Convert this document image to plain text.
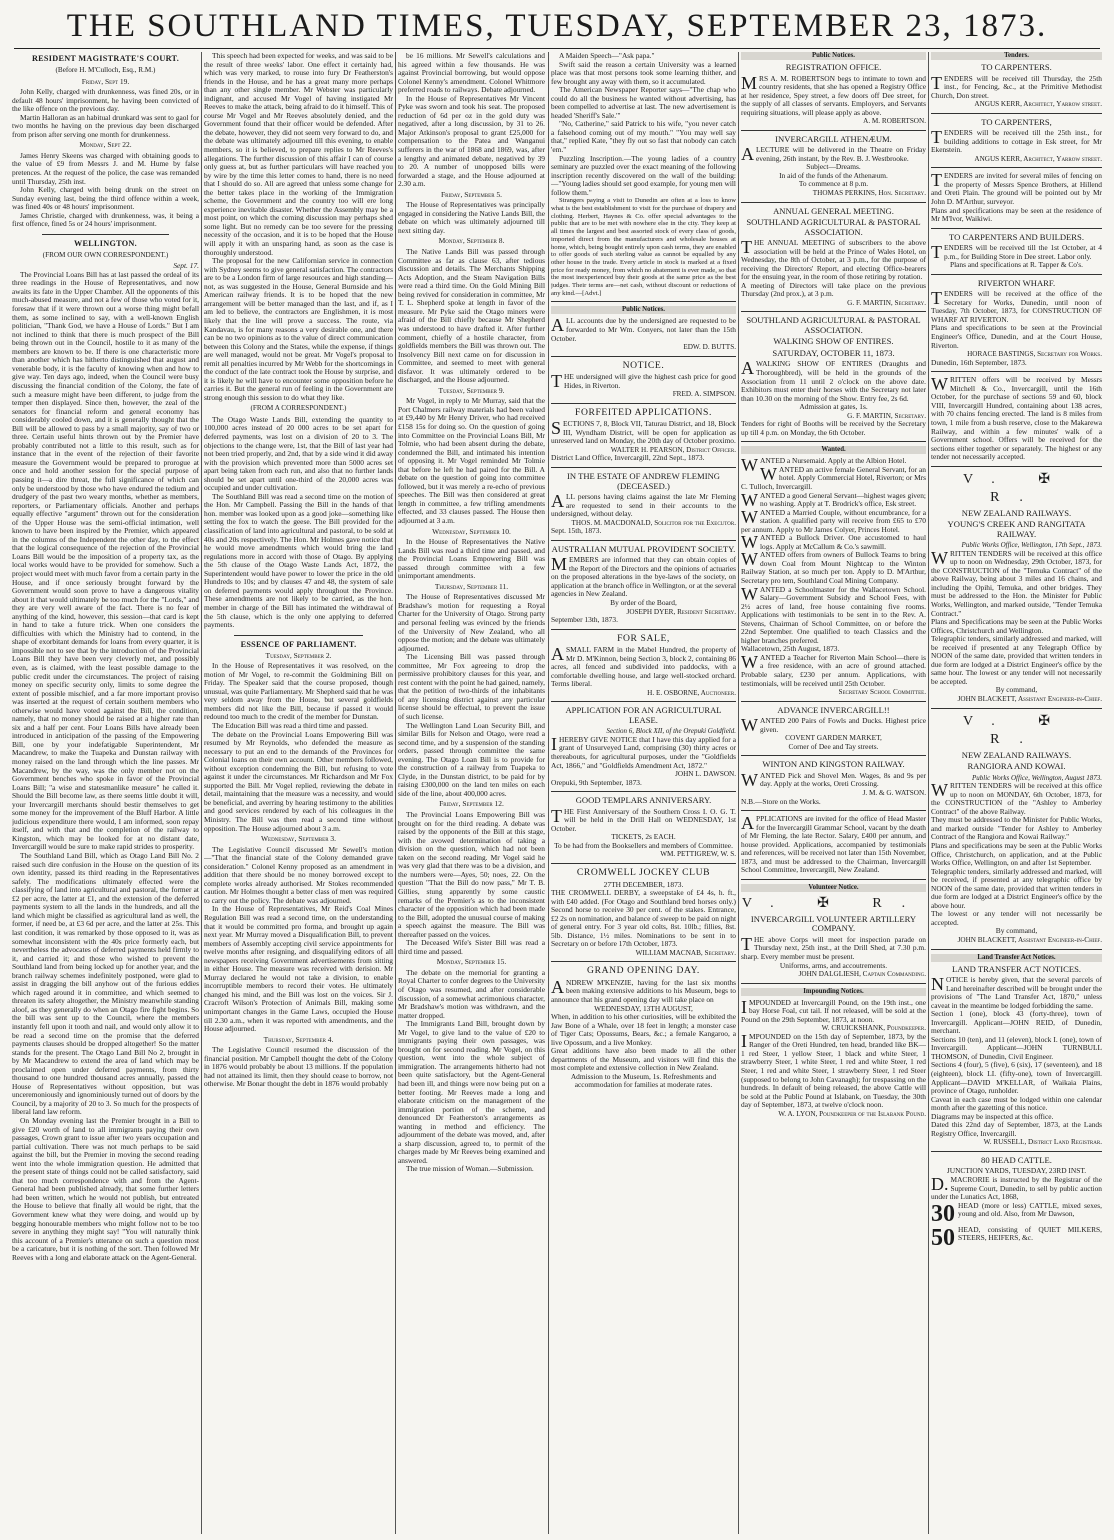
THE SOUTHLAND TIMES, TUESDAY, SEPTEMBER 23, 1873.
RESIDENT MAGISTRATE'S COURT.
(Before H. M'Culloch, Esq., R.M.)
Friday, Sept 19.

John Kelly, charged with drunkenness, was fined 20s, or in default 48 hours' imprisonment, he having been convicted of the like offence on the previous day.

Martin Halloran as an habitual drunkard was sent to gaol for two months he having on the previous day been discharged from prison after serving one month for drunkenness.

Monday, Sept 22.

James Henry Skeens was charged with obtaining goods to the value of £9 from Messrs J. and M. Hume by false pretences. At the request of the police, the case was remanded until Thursday, 25th inst.

John Kelly, charged with being drunk on the street on Sunday evening last, being the third offence within a week, was fined 40s or 48 hours' imprisonment.

James Christie, charged with drunkenness, was, it being a first offence, fined 5s or 24 hours' imprisonment.

WELLINGTON.
(FROM OUR OWN CORRESPONDENT.)
Sept. 17.

The Provincial Loans Bill has at last passed the ordeal of its three readings in the House of Representatives, and now awaits its fate in the Upper Chamber. All the opponents of this much-abused measure, and not a few of those who voted for it, foresaw that if it were thrown out a worse thing might befall them, as some inclined to say, with a well-known English politician, "Thank God, we have a House of Lords." But I am not inclined to think that there is much prospect of the Bill being thrown out in the Council, hostile to it as many of the members are known to be. If there is one characteristic more than another which has hitherto distinguished that august and venerable body, it is the faculty of knowing when and how to give way. Ten days ago, indeed, when the Council were busy discussing the financial condition of the Colony, the fate of such a measure might have been different, to judge from the temper then displayed. Since then, however, the zeal of the senators for financial reform and general economy has considerably cooled down, and it is generally thought that the Bill will be allowed to pass by a small majority, say of two or three. Certain useful hints thrown out by the Premier have probably contributed not a little to this result, such as for instance that in the event of the rejection of their favorite measure the Government would be prepared to prorogue at once and hold another session for the special purpose of passing it—a dire threat, the full significance of which can only be understood by those who have endured the tedium and drudgery of the past two weary months, whether as members, reporters, or Parliamentary officials. Another and perhaps equally effective "argument" thrown out for the consideration of the Upper House was the semi-official intimation, well known to have been inspired by the Premier, which appeared in the columns of the Independent the other day, to the effect that the logical consequence of the rejection of the Provincial Loans Bill would be the imposition of a property tax, as the local works would have to be provided for somehow. Such a project would meet with much favor from a certain party in the House, and if once seriously brought forward by the Government would soon prove to have a dangerous vitality about it that would ultimately be too much for the "Lords," and they are very well aware of the fact. There is no fear of anything of the kind, however, this session—that card is kept in hand to take a future trick. When one considers the difficulties with which the Ministry had to contend, in the shape of exorbitant demands for loans from every quarter, it is impossible not to see that by the introduction of the Provincial Loans Bill they have been very cleverly met, and possibly even, as is claimed, with the least possible damage to the public credit under the circumstances. The project of raising money on specific security only, limits to some degree the extent of possible mischief, and a far more important proviso was inserted at the request of certain southern members who otherwise would have voted against the Bill, the condition, namely, that no money should be raised at a higher rate than six and a half per cent. Four Loans Bills have already been introduced in anticipation of the passing of the Empowering Bill, one by your indefatigable Superintendent, Mr Macandrew, to make the Tuapeka and Dunstan railway with money raised on the land through which the line passes. Mr Macandrew, by the way, was the only member not on the Government benches who spoke in favor of the Provincial Loans Bill; "a wise and statesmanlike measure" he called it. Should the Bill become law, as there seems little doubt it will, your Invercargill merchants should bestir themselves to get some money for the improvement of the Bluff Harbor. A little judicious expenditure there would, I am informed, soon repay itself, and with that and the completion of the railway to Kingston, which may be looked for at no distant date, Invercargill would be sure to make rapid strides to prosperity.

The Southland Land Bill, which as Otago Land Bill No. 2 raised such dire confusion in the House on the question of its own identity, passed its third reading in the Representatives safely. The modifications ultimately effected were the classifying of land into agricultural and pastoral, the former at £2 per acre, the latter at £1, and the extension of the deferred payments system to all the lands in the hundreds, and all the land which might be classified as agricultural land as well, the former, if need be, at £3 6d per acre, and the latter at 25s. This last condition, it was remarked by those opposed to it, was as somewhat inconsistent with the 40s price formerly each, but nevertheless the advocates of deferred payments held firmly to it, and carried it; and those who wished to prevent the Southland land from being locked up for another year, and the branch railway schemes indefinitely postponed, were glad to assist in dragging the bill anyhow out of the furious eddies which raged around it in committee, and which seemed to threaten its safety altogether, the Ministry meanwhile standing aloof, as they generally do when an Otago fire fight begins. So the bill was sent up to the Council, where the members instantly fell upon it tooth and nail, and would only allow it to be read a second time on the promise that the deferred payments clauses should be dropped altogether! So the matter stands for the present. The Otago Land Bill No 2, brought in by Mr Macandrew to extend the area of land which may be proclaimed open under deferred payments, from thirty thousand to one hundred thousand acres annually, passed the House of Representatives without opposition, but was unceremoniously and ignominiously turned out of doors by the Council, by a majority of 20 to 3. So much for the prospects of liberal land law reform.

On Monday evening last the Premier brought in a Bill to give £20 worth of land to all immigrants paying their own passages, Crown grant to issue after two years occupation and partial cultivation. There was not much perhaps to be said against the bill, but the Premier in moving the second reading went into the whole immigration question. He admitted that the present state of things could not be called satisfactory, said that too much correspondence with and from the Agent-General had been published already, that some further letters had been written, which he would not publish, but entreated the House to believe that finally all would be right, that the Government knew what they were doing, and would up by begging honourable members who might follow not to be too severe in anything they might say! "You will naturally think this account of a Premier's utterance on such a question most be a caricature, but it is nothing of the sort. Then followed Mr Reeves with a long and elaborate attack on the Agent-General.

This speech had been expected for weeks, and was said to be the result of three weeks' labor. One effect it certainly had, which was very marked, to rouse into fury Dr Featherston's friends in the House, and he has a great many more perhaps than any other single member. Mr Webster was particularly indignant, and accused Mr Vogel of having instigated Mr Reeves to make the attack, being afraid to do it himself. This of course Mr Vogel and Mr Reeves absolutely denied, and the Government found that their officer would be defended. After the debate, however, they did not seem very forward to do, and the debate was ultimately adjourned till this evening, to enable members, so it is believed, to prepare replies to Mr Reeves's allegations. The further discussion of this affair I can of course only guess at, but as further particulars will have reached you by wire by the time this letter comes to hand, there is no need that I should do so. All are agreed that unless some change for the better takes place in the working of the Immigration scheme, the Government and the country too will ere long experience inevitable disaster. Whether the Assembly may be a most point, on which the coming discussion may perhaps shed some light. But no remedy can be too severe for the pressing necessity of the occasion, and it is to be hoped that the House will apply it with an unsparing hand, as soon as the case is thoroughly understood.

The proposal for the new Californian service in connection with Sydney seems to give general satisfaction. The contractors are to be a London firm of large resources and high standing—not, as was suggested in the House, General Burnside and his American railway friends. It is to be hoped that the new arrangement will be better managed than the last, and if, as I am led to believe, the contractors are Englishmen, it is most likely that the line will prove a success. The route, via Kandavau, is for many reasons a very desirable one, and there can be no two opinions as to the value of direct communication between this Colony and the States, while the expense, if things are well managed, would not be great. Mr Vogel's proposal to remit all penalties incurred by Mr Webb for the shortcomings in the conduct of the late contract took the House by surprise, and it is likely he will have to encounter some opposition before he carries it. But the general run of feeling in the Government are strong enough this session to do what they like.

(FROM A CORRESPONDENT.)

The Otago Waste Lands Bill, extending the quantity to 100,000 acres instead of 20 000 acres to be set apart for deferred payments, was lost on a division of 20 to 3. The objections to the change were, 1st, that the Bill of last year had not been tried properly, and 2nd, that by a side wind it did away with the provision which prevented more than 5000 acres set apart being taken from each run, and also that no further lands should be set apart until one-third of the 20,000 acres was occupied and under cultivation.

The Southland Bill was read a second time on the motion of the Hon. Mr Campbell. Passing the Bill in the hands of that hon. member was looked upon as a good joke—something like setting the fox to watch the geese. The Bill provided for the classification of land into agricultural and pastoral, to be sold at 40s and 20s respectively. The Hon. Mr Holmes gave notice that he would move amendments which would bring the land regulations more in accord with those of Otago. By applying the 5th clause of the Otago Waste Lands Act, 1872, the Superintendent would have power to lower the price in the old Hundreds to 10s; and by clauses 47 and 48, the system of sale on deferred payments would apply throughout the Province. These amendments are not likely to be carried, as the hon. member in charge of the Bill has intimated the withdrawal of the 5th clause, which is the only one applying to deferred payments.

ESSENCE OF PARLIAMENT.
Tuesday, September 2.

In the House of Representatives it was resolved, on the motion of Mr Vogel, to re-commit the Goldmining Bill on Friday. The Speaker said that the course proposed, though unusual, was quite Parliamentary. Mr Shepherd said that he was very seldom away from the House, but several goldfields members did not like the Bill, because if passed it would redound too much to the credit of the member for Dunstan.

The Education Bill was read a third time and passed.

The debate on the Provincial Loans Empowering Bill was resumed by Mr Reynolds, who defended the measure as necessary to put an end to the demands of the Provinces for Colonial loans on their own account. Other members followed, without exception condemning the Bill, but refusing to vote against it under the circumstances. Mr Richardson and Mr Fox supported the Bill. Mr Vogel replied, reviewing the debate in detail, maintaining that the measure was a necessity, and would be beneficial, and averring by hearing testimony to the abilities and good services rendered by each of his colleagues in the Ministry. The Bill was then read a second time without opposition. The House adjourned about 3 a.m.

Wednesday, September 3.

The Legislative Council discussed Mr Sewell's motion—"That the financial state of the Colony demanded grave consideration." Colonel Kenny proposed as an amendment in addition that there should be no money borrowed except to complete works already authorised. Mr Stokes recommended caution. Mr Holmes thought a better class of men was required to carry out the policy. The debate was adjourned.

In the House of Representatives, Mr Reid's Coal Mines Regulation Bill was read a second time, on the understanding that it would be committed pro forma, and brought up again next year. Mr Murray moved a Disqualification Bill, to prevent members of Assembly accepting civil service appointments for twelve months after resigning, and disqualifying editors of all newspapers receiving Government advertisements from sitting in either House. The measure was received with derision. Mr Murray declared he would not take a division, to enable incorruptible members to record their votes. He ultimately changed his mind, and the Bill was lost on the voices. Sir J. Cracroft Wilson's Protection of Animals Bill, making some unimportant changes in the Game Laws, occupied the House till 2.30 a.m., when it was reported with amendments, and the House adjourned.

Thursday, September 4.

The Legislative Council resumed the discussion of the financial position. Mr Campbell thought the debt of the Colony in 1876 would probably be about 13 millions. If the population had not attained its limit, then they should cease to borrow, not otherwise. Mr Bonar thought the debt in 1876 would probably

be 16 millions. Mr Sewell's calculations and his agreed within a few thousands. He was against Provincial borrowing, but would oppose Colonel Kenny's amendment. Colonel Whitmore preferred roads to railways. Debate adjourned.

In the House of Representatives Mr Vincent Pyke was sworn and took his seat. The proposed reduction of 6d per oz in the gold duty was negatived, after a long discussion, by 31 to 26. Major Atkinson's proposal to grant £25,000 for compensation to the Patea and Wanganui sufferers in the war of 1868 and 1869, was, after a lengthy and animated debate, negatived by 39 to 20. A number of unopposed bills were forwarded a stage, and the House adjourned at 2.30 a.m.

Friday, September 5.

The House of Representatives was principally engaged in considering the Native Lands Bill, the debate on which was ultimately adjourned till next sitting day.

Monday, September 8.

The Native Lands Bill was passed through Committee as far as clause 63, after tedious discussion and details. The Merchants Shipping Acts Adoption, and the Steam Navigation Bills were read a third time. On the Gold Mining Bill being revived for consideration in committee, Mr T. L. Shepherd spoke at length in favor of the measure. Mr Pyke said the Otago miners were afraid of the Bill chiefly because Mr Shepherd was understood to have drafted it. After further comment, chiefly of a hostile character, from goldfields members the Bill was thrown out. The Insolvency Bill next came on for discussion in Committee, and seemed to meet with general disfavor. It was ultimately ordered to be discharged, and the House adjourned.

Tuesday, September 9.

Mr Vogel, in reply to Mr Murray, said that the Port Chalmers railway materials had been valued at £9,440 by Mr Henry Driver, who had received £158 15s for doing so. On the question of going into Committee on the Provincial Loans Bill, Mr Tolmie, who had been absent during the debate, condemned the Bill, and intimated his intention of opposing it. Mr Vogel reminded Mr Tolmie that before he left he had paired for the Bill. A debate on the question of going into committee followed, but it was merely a re-echo of previous speeches. The Bill was then considered at great length in committee, a few trifling amendments effected, and 33 clauses passed. The House then adjourned at 3 a.m.

Wednesday, September 10.

In the House of Representatives the Native Lands Bill was read a third time and passed, and the Provincial Loans Empowering Bill was passed through committee with a few unimportant amendments.

Thursday, September 11.

The House of Representatives discussed Mr Bradshaw's motion for requesting a Royal Charter for the University of Otago. Strong party and personal feeling was evinced by the friends of the University of New Zealand, who all oppose the motion; and the debate was ultimately adjourned.

The Licensing Bill was passed through committee, Mr Fox agreeing to drop the permissive prohibitory clauses for this year, and rest content with the point he had gained, namely, that the petition of two-thirds of the inhabitants of any licensing district against any particular license should be effectual, to prevent the issue of such license.

The Wellington Land Loan Security Bill, and similar Bills for Nelson and Otago, were read a second time, and by a suspension of the standing orders, passed through committee the same evening. The Otago Loan Bill is to provide for the construction of a railway from Tuapeka to Clyde, in the Dunstan district, to be paid for by raising £300,000 on the land ten miles on each side of the line, about 400,000 acres.

Friday, September 12.

The Provincial Loans Empowering Bill was brought on for the third reading. A debate was raised by the opponents of the Bill at this stage, with the avowed determination of taking a division on the question, which had not been taken on the second reading. Mr Vogel said he was very glad that there was to be a division, and the numbers were—Ayes, 50; noes, 22. On the question "That the Bill do now pass," Mr T. B. Gillies, stung apparently by some caustic remarks of the Premier's as to the inconsistent character of the opposition which had been made to the Bill, adopted the unusual course of making a speech against the measure. The Bill was thereafter passed on the voices.

The Deceased Wife's Sister Bill was read a third time and passed.

Monday, September 15.

The debate on the memorial for granting a Royal Charter to confer degrees to the University of Otago was resumed, and after considerable discussion, of a somewhat acrimonious character, Mr Bradshaw's motion was withdrawn, and the matter dropped.

The Immigrants Land Bill, brought down by Mr Vogel, to give land to the value of £20 to immigrants paying their own passages, was brought on for second reading. Mr Vogel, on this question, went into the whole subject of immigration. The arrangements hitherto had not been quite satisfactory, but the Agent-General had been ill, and things were now being put on a better footing. Mr Reeves made a long and elaborate criticism on the management of the immigration portion of the scheme, and denounced Dr Featherston's arrangements as wanting in method and efficiency. The adjournment of the debate was moved, and, after a sharp discussion, agreed to, to permit of the charges made by Mr Reeves being examined and answered.

The true mission of Woman.—Submission.

A Maiden Speech—"Ask papa."

Swift said the reason a certain University was a learned place was that most persons took some learning thither, and few brought any away with them, so it accumulated.

The American Newspaper Reporter says—"The chap who could do all the business he wanted without advertising, has been compelled to advertise at last. The new advertisement is headed 'Sheriff's Sale.'"

"No, Catherine," said Patrick to his wife, "you never catch a falsehood coming out of my mouth." "You may well say that," replied Kate, "they fly out so fast that nobody can catch 'em."

Puzzling Inscription.—The young ladies of a country seminary are puzzled over the exact meaning of the following inscription recently discovered on the wall of the building:—"Young ladies should set good example, for young men will follow them."

Strangers paying a visit to Dunedin are often at a loss to know what is the best establishment to visit for the purchase of drapery and clothing. Herbert, Haynes & Co. offer special advantages to the public that are to be met with nowhere else in the city. They keep at all times the largest and best assorted stock of every class of goods, imported direct from the manufacturers and wholesale houses at home, which, being bought entirely upon cash terms, they are enabled to offer goods of such sterling value as cannot be equalled by any other house in the trade. Every article in stock is marked at a fixed price for ready money, from which no abatement is ever made, so that the most inexperienced buy their goods at the same price as the best judges. Their terms are—net cash, without discount or reductions of any kind.—[Advt.]

Public Notices.

ALL accounts due by the undersigned are requested to be forwarded to Mr Wm. Conyers, not later than the 15th October.

EDW. D. BUTTS.
NOTICE.

THE undersigned will give the highest cash price for good Hides, in Riverton.

FRED. A. SIMPSON.
FORFEITED APPLICATIONS.

SECTIONS 7, 8, Block VII, Taturau District, and 18, Block III, Wyndham District, will be open for application as unreserved land on Monday, the 20th day of October proximo.

WALTER H. PEARSON, District Officer.
District Land Office, Invercargill, 22nd Sept., 1873.
IN THE ESTATE OF ANDREW FLEMING (DECEASED.)

ALL persons having claims against the late Mr Fleming are requested to send in their accounts to the undersigned, without delay.

THOS. M. MACDONALD, Solicitor for the Executor.
Sept. 15th, 1873.
AUSTRALIAN MUTUAL PROVIDENT SOCIETY.

MEMBERS are informed that they can obtain copies of the Report of the Directors and the opinions of actuaries on the proposed alterations in the bye-laws of the society, on application at the branch office in Wellington, or at the several agencies in New Zealand.

By order of the Board,
JOSEPH DYER, Resident Secretary.
September 13th, 1873.
FOR SALE,

ASMALL FARM in the Mabel Hundred, the property of Mr D. M'Kinnon, being Section 3, block 2, containing 86 acres, all fenced and subdivided into paddocks, with a comfortable dwelling house, and large well-stocked orchard. Terms liberal.

H. E. OSBORNE, Auctioneer.
APPLICATION FOR AN AGRICULTURAL LEASE.
Section 6, Block XII, of the Orepuki Goldfield.

IHEREBY GIVE NOTICE that I have this day applied for a grant of Unsurveyed Land, comprising (30) thirty acres or thereabouts, for agricultural purposes, under the "Goldfields Act, 1866," and "Goldfields Amendment Act, 1872."

JOHN L. DAWSON.
Orepuki, 9th September, 1873.
GOOD TEMPLARS ANNIVERSARY.

THE First Anniversary of the Southern Cross I. O. G. T. will be held in the Drill Hall on WEDNESDAY, 1st October.

TICKETS, 2s EACH.
To be had from the Booksellers and members of Committee.
WM. PETTIGREW, W. S.
CROMWELL JOCKEY CLUB
27TH DECEMBER, 1873.

THE CROMWELL DERBY, a sweepstake of £4 4s, h. ft., with £40 added. (For Otago and Southland bred horses only.) Second horse to receive 30 per cent. of the stakes. Entrance, £2 2s on nomination, and balance of sweep to be paid on night of general entry. For 3 year old colts, 8st. 10lb.; fillies, 8st. 5lb. Distance, 1½ miles. Nominations to be sent in to Secretary on or before 17th October, 1873.

WILLIAM MACNAB, Secretary.
GRAND OPENING DAY.

ANDREW M'KENZIE, having for the last six months been making extensive additions to his Museum, begs to announce that his grand opening day will take place on

WEDNESDAY, 13TH AUGUST,

When, in addition to his other curiosities, will be exhibited the Jaw Bone of a Whale, over 18 feet in length; a monster case of Tiger Cats; Opossums, Bears, &c.; a female Kangaroo, a live Opossum, and a live Monkey.

Great additions have also been made to all the other departments of the Museum, and visitors will find this the most complete and extensive collection in New Zealand.

Admission to the Museum, 1s. Refreshments and accommodation for families at moderate rates.

Public Notices.
REGISTRATION OFFICE.

MRS A. M. ROBERTSON begs to intimate to town and country residents, that she has opened a Registry Office at her residence, Spey street, a few doors off Dee street, for the supply of all classes of servants. Employers, and Servants requiring situations, will please apply as above.

A. M. ROBERTSON.
INVERCARGILL ATHENÆUM.

ALECTURE will be delivered in the Theatre on Friday evening, 26th instant, by the Rev. B. J. Westbrooke.

Subject—Dreams.
In aid of the funds of the Athenæum.
To commence at 8 p.m.
THOMAS PERKINS, Hon. Secretary.
ANNUAL GENERAL MEETING.
SOUTHLAND AGRICULTURAL & PASTORAL ASSOCIATION.

THE ANNUAL MEETING of subscribers to the above association will be held at the Prince of Wales Hotel, on Wednesday, the 8th of October, at 3 p.m., for the purpose of receiving the Directors' Report, and electing Office-bearers for the ensuing year, in the room of those retiring by rotation.

A meeting of Directors will take place on the previous Thursday (2nd prox.), at 3 p.m.

G. F. MARTIN, Secretary.
SOUTHLAND AGRICULTURAL & PASTORAL ASSOCIATION.
WALKING SHOW OF ENTIRES.
SATURDAY, OCTOBER 11, 1873.

AWALKING SHOW OF ENTIRES (Draughts and Thoroughbred), will be held in the grounds of the Association from 11 until 2 o'clock on the above date. Exhibitors must enter their horses with the Secretary not later than 10.30 on the morning of the Show. Entry fee, 2s 6d.

Admission at gates, 1s.
G. F. MARTIN, Secretary.

Tenders for right of Booths will be received by the Secretary up till 4 p.m. on Monday, the 6th October.

Wanted.

WANTED a Nursemaid. Apply at the Albion Hotel.

WANTED an active female General Servant, for an hotel. Apply Commercial Hotel, Riverton; or Mrs C. Tulloch, Invercargill.

WANTED a good General Servant—highest wages given; no washing. Apply at T. Brodrick's office, Esk street.

WANTED a Married Couple, without encumbrance, for a station. A qualified party will receive from £65 to £70 per annum. Apply to Mr James Colyer, Princes Hotel.

WANTED a Bullock Driver. One accustomed to haul logs. Apply at McCallum & Co.'s sawmill.

WANTED offers from owners of Bullock Teams to bring down Coal from Mount Nightcap to the Winton Railway Station, at so much per ton. Apply to D. M'Arthur, Secretary pro tem, Southland Coal Mining Company.

WANTED a Schoolmaster for the Wallacetown School. Salary—Government Subsidy and School Fees, with 2½ acres of land, free house containing five rooms. Applications with testimonials to be sent in to the Rev. A. Stevens, Chairman of School Committee, on or before the 22nd September. One qualified to teach Classics and the higher branches preferred.

Wallacetown, 25th August, 1873.

WANTED a Teacher for Riverton Main School—there is a free residence, with an acre of ground attached. Probable salary, £230 per annum. Applications, with testimonials, will be received until 25th October.

Secretary School Committee.
ADVANCE INVERCARGILL!!

WANTED 200 Pairs of Fowls and Ducks. Highest price given.

COVENT GARDEN MARKET,
Corner of Dee and Tay streets.
WINTON AND KINGSTON RAILWAY.

WANTED Pick and Shovel Men. Wages, 8s and 9s per day. Apply at the works, Oreti Crossing.

J. M. & G. WATSON.
N.B.—Store on the Works.

APPLICATIONS are invited for the office of Head Master for the Invercargill Grammar School, vacant by the death of Mr Fleming, the late Rector. Salary, £400 per annum, and house provided. Applications, accompanied by testimonials and references, will be received not later than 15th November, 1873, and must be addressed to the Chairman, Invercargill School Committee, Invercargill, New Zealand.

Volunteer Notice.
V. ✠ R.
INVERCARGILL VOLUNTEER ARTILLERY COMPANY.

THE above Corps will meet for inspection parade on Thursday next, 25th inst., at the Drill Shed, at 7.30 p.m. sharp. Every member must be present.

Uniforms, arms, and accoutrements.
JOHN DALGLIESH, Captain Commanding.
Impounding Notices.

IMPOUNDED at Invercargill Pound, on the 19th inst., one bay Horse Foal, cut tail. If not released, will be sold at the Pound on the 29th September, 1873, at noon.

W. CRUICKSHANK, Poundkeeper.

IMPOUNDED on the 15th day of September, 1873, by the Ranger of the Oreti Hundred, ten head, branded like BK—1 red Steer, 1 yellow Steer, 1 black and white Steer, 1 strawberry Steer, 1 white Steer, 1 red and white Steer, 1 red Steer, 1 red and white Steer, 1 strawberry Steer, 1 red Steer (supposed to belong to John Cavanagh); for trespassing on the hundreds. In default of being released, the above Cattle will be sold at the Public Pound at Islabank, on Tuesday, the 30th day of September, 1873, at twelve o'clock noon.

W. A. LYON, Poundkeeper of the Islabank Pound.
Tenders.
TO CARPENTERS.

TENDERS will be received till Thursday, the 25th inst., for Fencing, &c., at the Primitive Methodist Church, Don street.

ANGUS KERR, Architect, Yarrow street.
TO CARPENTERS,

TENDERS will be received till the 25th inst., for building additions to cottage in Esk street, for Mr Ekenstein.

ANGUS KERR, Architect, Yarrow street.

TENDERS are invited for several miles of fencing on the property of Messrs Spence Brothers, at Hillend and Oreti Plain. The ground will be pointed out by Mr John D. M'Arthur, surveyor.

Plans and specifications may be seen at the residence of Mr M'Ivor, Waikiwi.

TO CARPENTERS AND BUILDERS.

TENDERS will be received till the 1st October, at 4 p.m., for Building Store in Dee street. Labor only.

Plans and specifications at R. Tapper & Co's.
RIVERTON WHARF.

TENDERS will be received at the office of the Secretary for Works, Dunedin, until noon of Tuesday, 7th October, 1873, for CONSTRUCTION OF WHARF AT RIVERTON.

Plans and specifications to be seen at the Provincial Engineer's Office, Dunedin, and at the Court House, Riverton.

HORACE BASTINGS, Secretary for Works.
Dunedin, 16th September, 1873.

WRITTEN offers will be received by Messrs Mitchell & Co., Invercargill, until the 16th October, for the purchase of sections 59 and 60, block VIII, Invercargill Hundred, containing about 138 acres, with 70 chains fencing erected. The land is 8 miles from town, 1 mile from a bush reserve, close to the Makarewa Railway, and within a few minutes' walk of a Government school. Offers will be received for the sections either together or separately. The highest or any tender not necessarily accepted.

V. ✠ R.
NEW ZEALAND RAILWAYS.
YOUNG'S CREEK AND RANGITATA RAILWAY.
Public Works Office, Wellington, 17th Sept., 1873.

WRITTEN TENDERS will be received at this office up to noon on Wednesday, 29th October, 1873, for the CONSTRUCTION of the "Temuka Contract" of the above Railway, being about 3 miles and 16 chains, and including the Opihi, Temuka, and other bridges. They must be addressed to the Hon. the Minister for Public Works, Wellington, and marked outside, "Tender Temuka Contract."

Plans and Specifications may be seen at the Public Works Offices, Christchurch and Wellington.

Telegraphic tenders, similarly addressed and marked, will be received if presented at any Telegraph Office by NOON of the same date, provided that written tenders in due form are lodged at a District Engineer's office by the same hour. The lowest or any tender will not necessarily be accepted.

By command,
JOHN BLACKETT, Assistant Engineer-in-Chief.
V. ✠ R.
NEW ZEALAND RAILWAYS.
RANGIORA AND KOWAI.
Public Works Office, Wellington, August 1873.

WRITTEN TENDERS will be received at this office up to noon on MONDAY, 6th October, 1873, for the CONSTRUCTION of the "Ashley to Amberley Contract" of the above Railway.

They must be addressed to the Minister for Public Works, and marked outside "Tender for Ashley to Amberley Contract of the Rangiora and Kowai Railway."

Plans and specifications may be seen at the Public Works Office, Christchurch, on application, and at the Public Works Office, Wellington, on and after 1st September.

Telegraphic tenders, similarly addressed and marked, will be received, if presented at any telegraphic office by NOON of the same date, provided that written tenders in due form are lodged at a District Engineer's office by the above hour.

The lowest or any tender will not necessarily be accepted.

By command,
JOHN BLACKETT, Assistant Engineer-in-Chief.
Land Transfer Act Notices.
LAND TRANSFER ACT NOTICES.

NOTICE is hereby given, that the several parcels of Land hereinafter described will be brought under the provisions of "The Land Transfer Act, 1870," unless caveat in the meantime be lodged forbidding the same.

Section 1 (one), block 43 (forty-three), town of Invercargill. Applicant—JOHN REID, of Dunedin, merchant.

Sections 10 (ten), and 11 (eleven), block I. (one), town of Invercargill. Applicant—JOHN TURNBULL THOMSON, of Dunedin, Civil Engineer.

Sections 4 (four), 5 (five), 6 (six), 17 (seventeen), and 18 (eighteen), block LI. (fifty-one), town of Invercargill. Applicant—DAVID M'KELLAR, of Waikaia Plains, province of Otago, runholder.

Caveat in each case must be lodged within one calendar month after the gazetting of this notice.

Diagrams may be inspected at this office.

Dated this 22nd day of September, 1873, at the Lands Registry Office, Invercargill.

W. RUSSELL, District Land Registrar.
80 HEAD CATTLE.
JUNCTION YARDS, TUESDAY, 23RD INST.

D.MACRORIE is instructed by the Registrar of the Supreme Court, Dunedin, to sell by public auction under the Lunatics Act, 1868,

30 HEAD (more or less) CATTLE, mixed sexes, young and old. Also, from Mr Dawson,
50 HEAD, consisting of QUIET MILKERS, STEERS, HEIFERS, &c.
